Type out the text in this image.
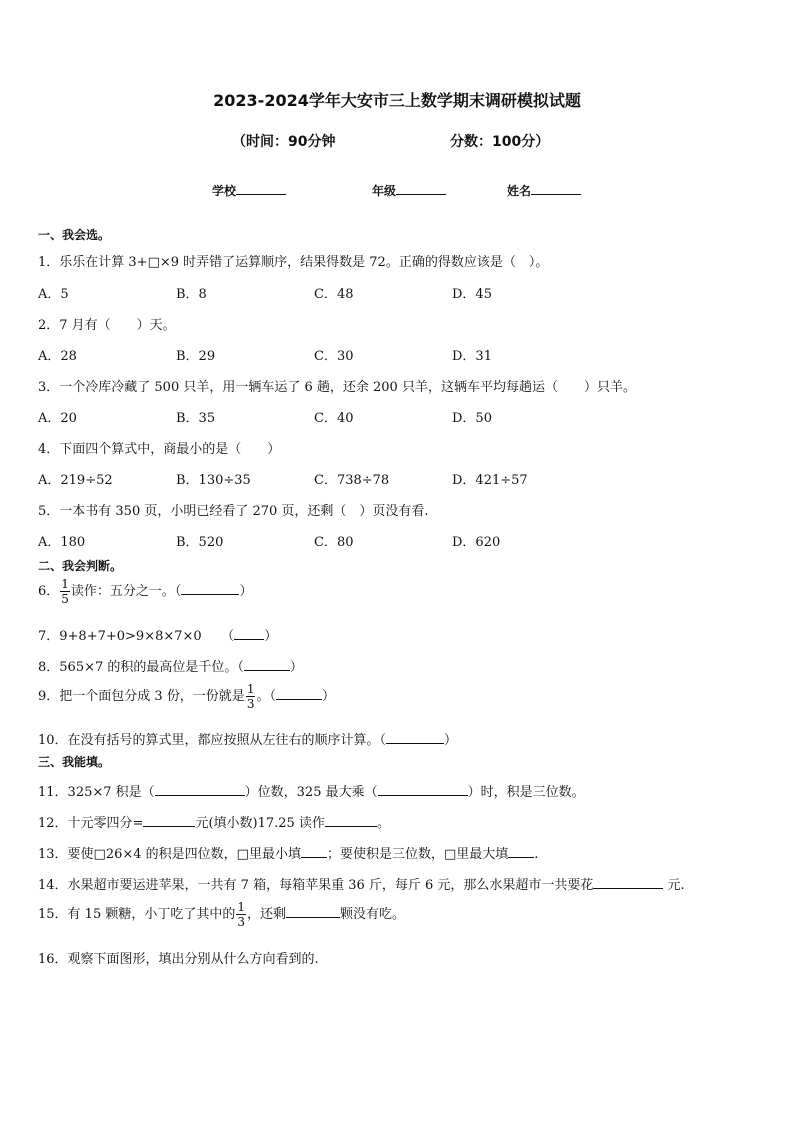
2023-2024学年大安市三上数学期末调研模拟试题
（时间：90分钟	分数：100分）
学校	年级	姓名
一、我会选。
1．乐乐在计算 3+□×9 时弄错了运算顺序，结果得数是 72。正确的得数应该是（　）。
A．5	B．8	C．48	D．45
2．7 月有（　　）天。
A．28	B．29	C．30	D．31
3．一个冷库冷藏了 500 只羊，用一辆车运了 6 趟，还余 200 只羊，这辆车平均每趟运（　　）只羊。
A．20	B．35	C．40	D．50
4．下面四个算式中，商最小的是（　　）
A．219÷52	B．130÷35	C．738÷78	D．421÷57
5．一本书有 350 页，小明已经看了 270 页，还剩（　）页没有看.
A．180	B．520	C．80	D．620
二、我会判断。
6． $\frac{1}{5}$ 读作：五分之一。（	）
7．9+8+7+0>9×8×7×0　　（ ）
8．565×7 的积的最高位是千位。（	）
9．把一个面包分成 3 份，一份就是 $\frac{1}{3}$ 。（	）
10．在没有括号的算式里，都应按照从左往右的顺序计算。（	）
三、我能填。
11．325×7 积是（	）位数，325 最大乘（	）时，积是三位数。
12．十元零四分=	元(填小数)17.25 读作	。
13．要使□26×4 的积是四位数，□里最小填 ；要使积是三位数，□里最大填 .
14．水果超市要运进苹果，一共有 7 箱，每箱苹果重 36 斤，每斤 6 元，那么水果超市一共要花	元.
15．有 15 颗糖，小丁吃了其中的 $\frac{1}{3}$ ，还剩	颗没有吃。
16．观察下面图形，填出分别从什么方向看到的.
